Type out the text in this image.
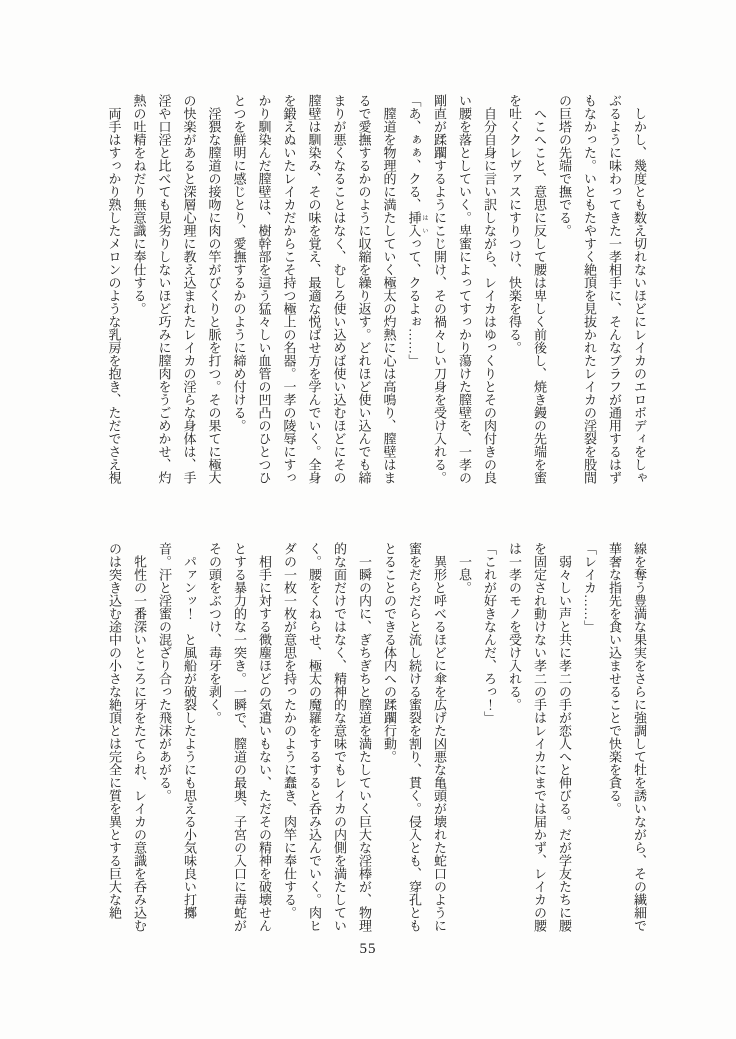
　しかし、幾度とも数え切れないほどにレイカのエロボディをしゃ
ぶるように味わってきた一孝相手に、そんなブラフが通用するはず
もなかった。いともたやすく絶頂を見抜かれたレイカの淫裂を股間
の巨塔の先端で撫でる。
　へこへこと、意思に反して腰は卑しく前後し、焼き鏝の先端を蜜
を吐くクレヴァスにすりつけ、快楽を得る。
　自分自身に言い訳しながら、レイカはゆっくりとその肉付きの良
い腰を落としていく。卑蜜によってすっかり蕩けた膣壁を、一孝の
剛直が蹂躙するようにこじ開け、その禍々しい刀身を受け入れる。
「あ、ぁぁ、クる、挿入 はいって、クるよぉ……」
　膣道を物理的に満たしていく極太の灼熱に心は高鳴り、膣壁はま
るで愛撫するかのように収縮を繰り返す。どれほど使い込んでも締
まりが悪くなることはなく、むしろ使い込めば使い込むほどにその
膣壁は馴染み、その味を覚え、最適な悦ばせ方を学んでいく。全身
を鍛えぬいたレイカだからこそ持つ極上の名器。一孝の陵辱にすっ
かり馴染んだ膣壁は、樹幹部を這う猛々しい血管の凹凸のひとつひ
とつを鮮明に感じとり、愛撫するかのように締め付ける。
　淫猥な膣道の接吻に肉の竿がびくりと脈を打つ。その果てに極大
の快楽があると深層心理に教え込まれたレイカの淫らな身体は、手
淫や口淫と比べても見劣りしないほど巧みに膣肉をうごめかせ、灼
熱の吐精をねだり無意識に奉仕する。
　両手はすっかり熟したメロンのような乳房を抱き、ただでさえ視
線を奪う豊満な果実をさらに強調して牡を誘いながら、その繊細で
華奢な指先を食い込ませることで快楽を貪る。
「レイカ……」
　弱々しい声と共に孝二の手が恋人へと伸びる。だが学友たちに腰
を固定され動けない孝二の手はレイカにまでは届かず、レイカの腰
は一孝のモノを受け入れる。
「これが好きなんだ、ろっ！」
　一息。
　異形と呼べるほどに傘を広げた凶悪な亀頭が壊れた蛇口のように
蜜をだらだらと流し続ける蜜裂を割り、貫く。侵入とも、穿孔とも
とることのできる体内への蹂躙行動。
　一瞬の内に、ぎちぎちと膣道を満たしていく巨大な淫棒が、物理
的な面だけではなく、精神的な意味でもレイカの内側を満たしてい
く。腰をくねらせ、極太の魔羅をするすると呑み込んでいく。肉ヒ
ダの一枚一枚が意思を持ったかのように蠢き、肉竿に奉仕する。
　相手に対する微塵ほどの気遣いもない、ただその精神を破壊せん
とする暴力的な一突き。一瞬で、膣道の最奥、子宮の入口に毒蛇が
その頭をぶつけ、毒牙を剥く。
　パァンッ！　と風船が破裂したようにも思える小気味良い打擲
音。汗と淫蜜の混ざり合った飛沫があがる。
　牝性の一番深いところに牙をたてられ、レイカの意識を呑み込む
のは突き込む途中の小さな絶頂とは完全に質を異とする巨大な絶
55
